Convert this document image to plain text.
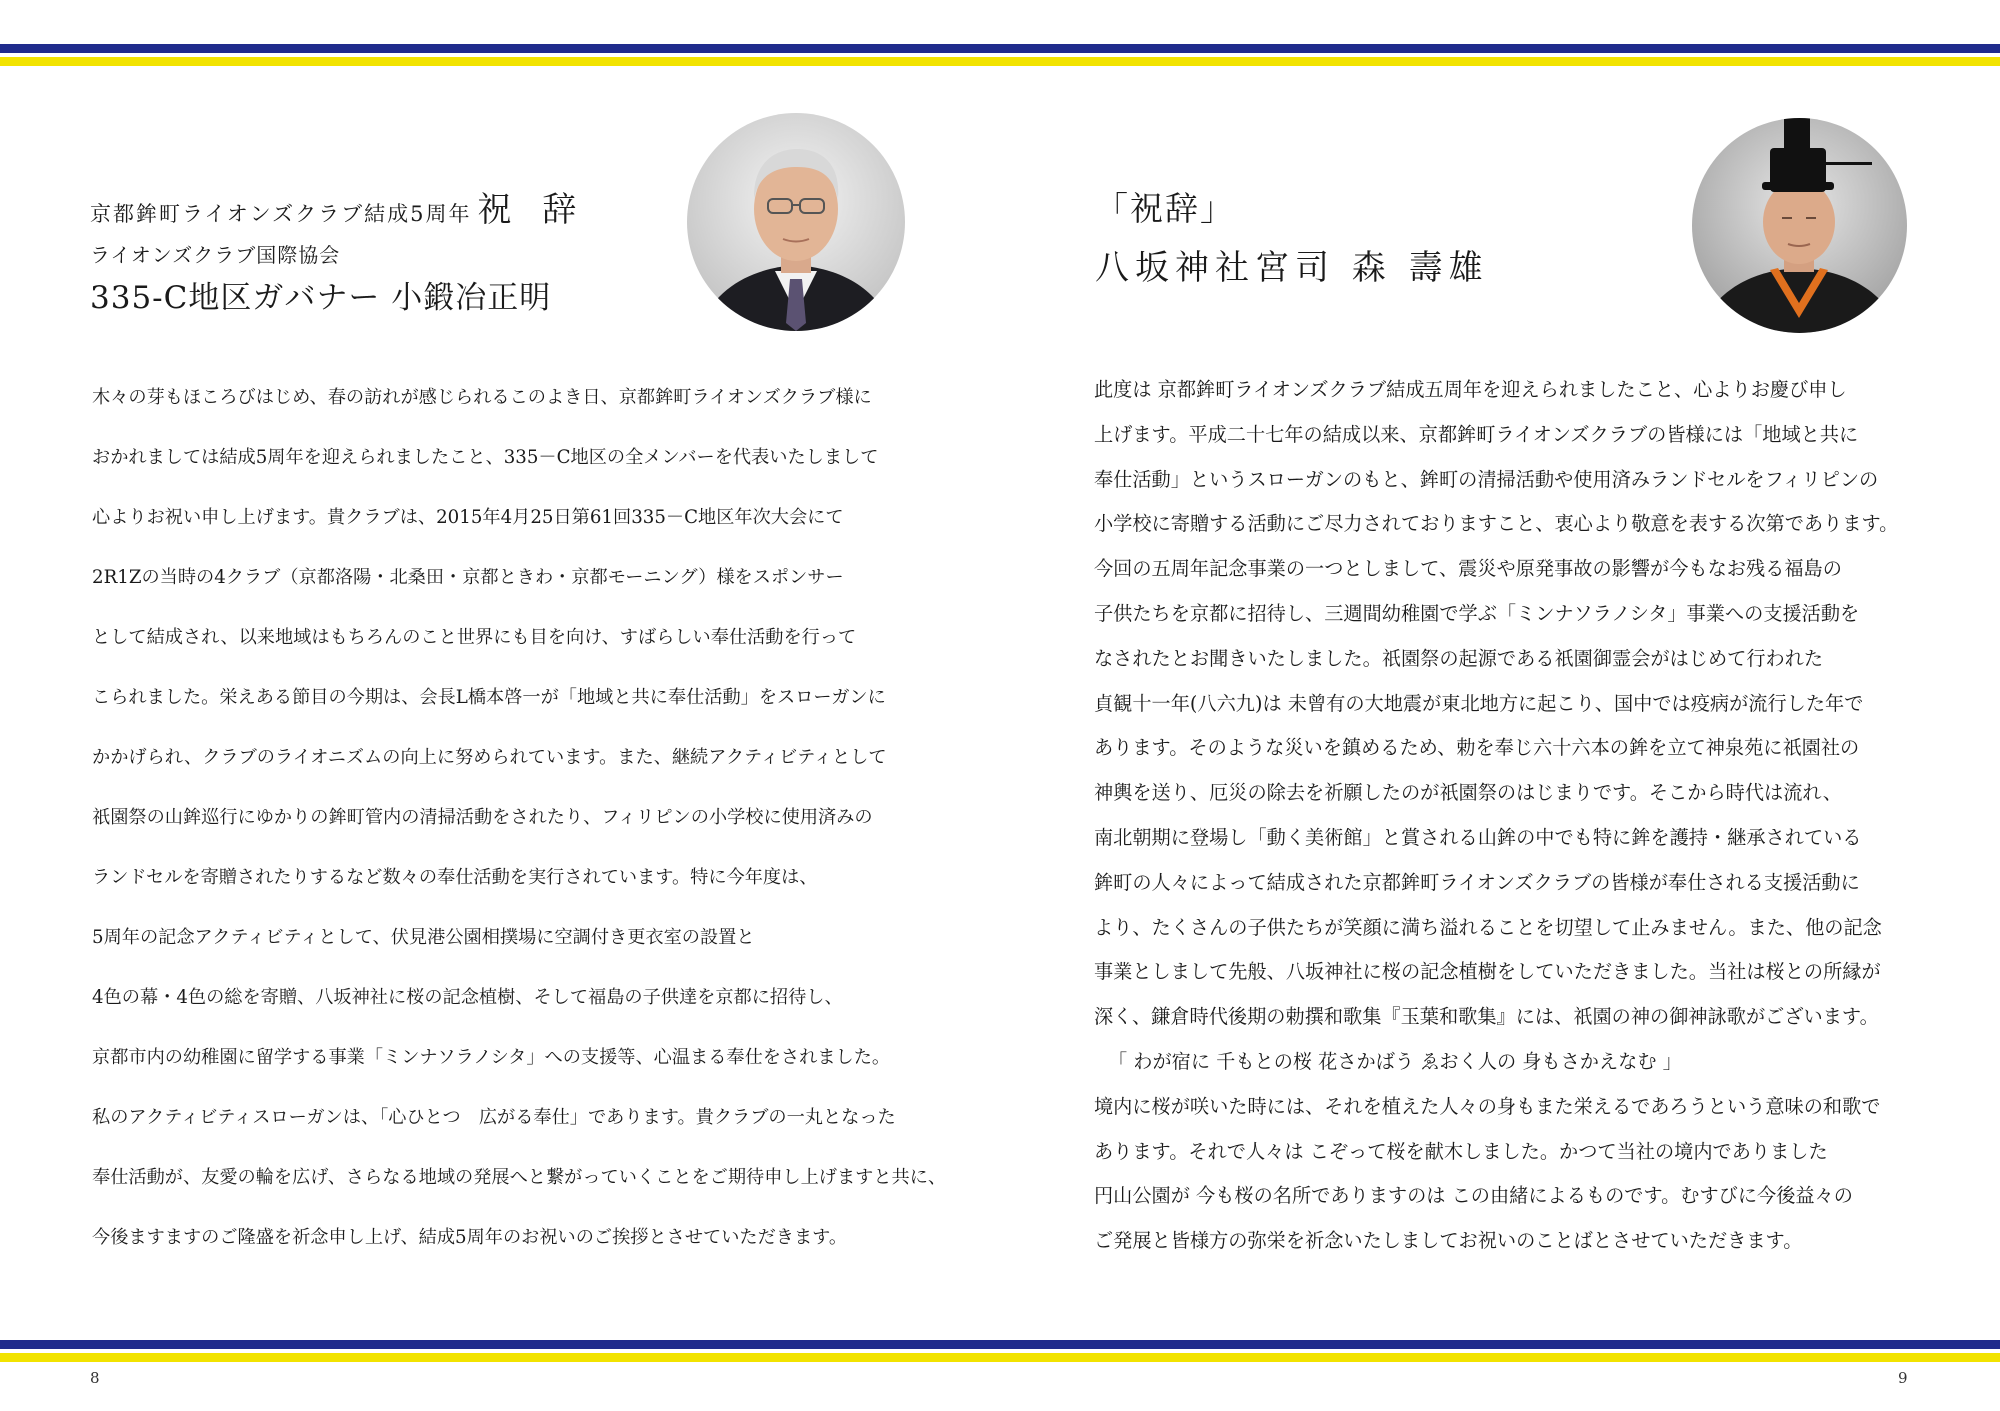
京都鉾町ライオンズクラブ結成5周年 祝 辞
ライオンズクラブ国際協会
335-C地区ガバナー 小鍛冶正明

木々の芽もほころびはじめ、春の訪れが感じられるこのよき日、京都鉾町ライオンズクラブ様に

おかれましては結成5周年を迎えられましたこと、335－C地区の全メンバーを代表いたしまして

心よりお祝い申し上げます。貴クラブは、2015年4月25日第61回335－C地区年次大会にて

2R1Zの当時の4クラブ（京都洛陽・北桑田・京都ときわ・京都モーニング）様をスポンサー

として結成され、以来地域はもちろんのこと世界にも目を向け、すばらしい奉仕活動を行って

こられました。栄えある節目の今期は、会長L橋本啓一が「地域と共に奉仕活動」をスローガンに

かかげられ、クラブのライオニズムの向上に努められています。また、継続アクティビティとして

祇園祭の山鉾巡行にゆかりの鉾町管内の清掃活動をされたり、フィリピンの小学校に使用済みの

ランドセルを寄贈されたりするなど数々の奉仕活動を実行されています。特に今年度は、

5周年の記念アクティビティとして、伏見港公園相撲場に空調付き更衣室の設置と

4色の幕・4色の総を寄贈、八坂神社に桜の記念植樹、そして福島の子供達を京都に招待し、

京都市内の幼稚園に留学する事業「ミンナソラノシタ」への支援等、心温まる奉仕をされました。

私のアクティビティスローガンは、「心ひとつ　広がる奉仕」であります。貴クラブの一丸となった

奉仕活動が、友愛の輪を広げ、さらなる地域の発展へと繋がっていくことをご期待申し上げますと共に、

今後ますますのご隆盛を祈念申し上げ、結成5周年のお祝いのご挨拶とさせていただきます。

8
「祝辞」
八坂神社宮司 森 壽雄

此度は 京都鉾町ライオンズクラブ結成五周年を迎えられましたこと、心よりお慶び申し

上げます。平成二十七年の結成以来、京都鉾町ライオンズクラブの皆様には「地域と共に

奉仕活動」というスローガンのもと、鉾町の清掃活動や使用済みランドセルをフィリピンの

小学校に寄贈する活動にご尽力されておりますこと、衷心より敬意を表する次第であります。

今回の五周年記念事業の一つとしまして、震災や原発事故の影響が今もなお残る福島の

子供たちを京都に招待し、三週間幼稚園で学ぶ「ミンナソラノシタ」事業への支援活動を

なされたとお聞きいたしました。祇園祭の起源である祇園御霊会がはじめて行われた

貞観十一年(八六九)は 未曾有の大地震が東北地方に起こり、国中では疫病が流行した年で

あります。そのような災いを鎮めるため、勅を奉じ六十六本の鉾を立て神泉苑に祇園社の

神輿を送り、厄災の除去を祈願したのが祇園祭のはじまりです。そこから時代は流れ、

南北朝期に登場し「動く美術館」と賞される山鉾の中でも特に鉾を護持・継承されている

鉾町の人々によって結成された京都鉾町ライオンズクラブの皆様が奉仕される支援活動に

より、たくさんの子供たちが笑顔に満ち溢れることを切望して止みません。また、他の記念

事業としまして先般、八坂神社に桜の記念植樹をしていただきました。当社は桜との所縁が

深く、鎌倉時代後期の勅撰和歌集『玉葉和歌集』には、祇園の神の御神詠歌がございます。

「 わが宿に 千もとの桜 花さかばう ゑおく人の 身もさかえなむ 」

境内に桜が咲いた時には、それを植えた人々の身もまた栄えるであろうという意味の和歌で

あります。それで人々は こぞって桜を献木しました。かつて当社の境内でありました

円山公園が 今も桜の名所でありますのは この由緒によるものです。むすびに今後益々の

ご発展と皆様方の弥栄を祈念いたしましてお祝いのことばとさせていただきます。

9
